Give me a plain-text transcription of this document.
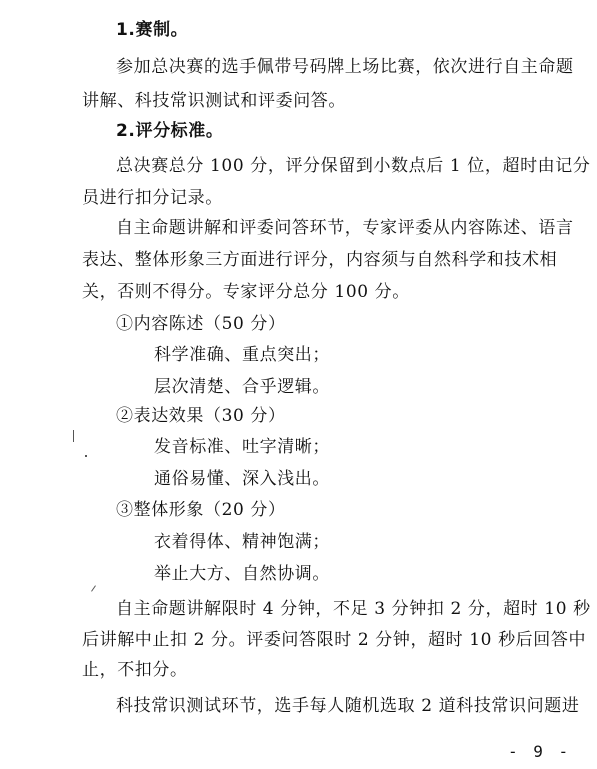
1.赛制。
参加总决赛的选手佩带号码牌上场比赛，依次进行自主命题
讲解、科技常识测试和评委问答。
2.评分标准。
总决赛总分 100 分，评分保留到小数点后 1 位，超时由记分
员进行扣分记录。
自主命题讲解和评委问答环节，专家评委从内容陈述、语言
表达、整体形象三方面进行评分，内容须与自然科学和技术相
关，否则不得分。专家评分总分 100 分。
①内容陈述（50 分）
科学准确、重点突出；
层次清楚、合乎逻辑。
②表达效果（30 分）
发音标准、吐字清晰；
通俗易懂、深入浅出。
③整体形象（20 分）
衣着得体、精神饱满；
举止大方、自然协调。
自主命题讲解限时 4 分钟，不足 3 分钟扣 2 分，超时 10 秒
后讲解中止扣 2 分。评委问答限时 2 分钟，超时 10 秒后回答中
止，不扣分。
科技常识测试环节，选手每人随机选取 2 道科技常识问题进
- 9 -
